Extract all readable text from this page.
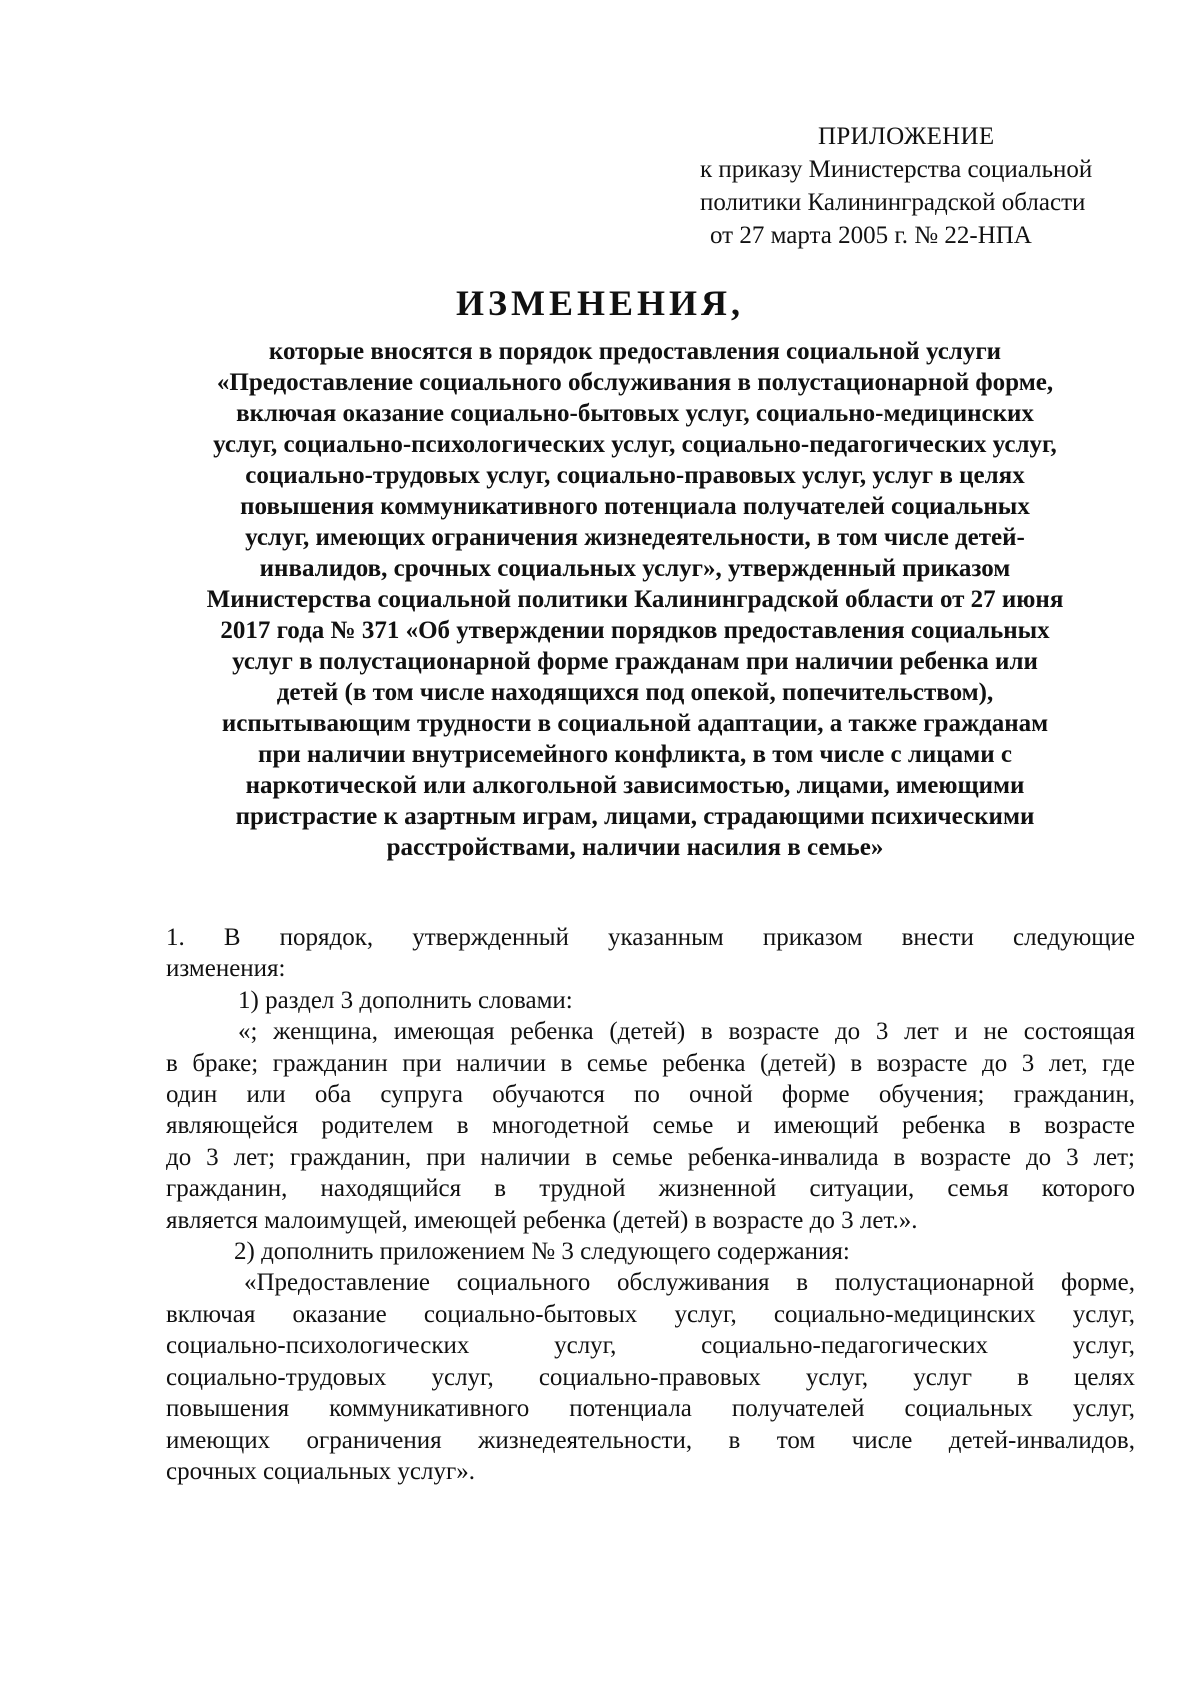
ПРИЛОЖЕНИЕ
к приказу Министерства социальной
политики Калининградской области
от 27 марта 2005 г. № 22-НПА
ИЗМЕНЕНИЯ,
которые вносятся в порядок предоставления социальной услуги
«Предоставление социального обслуживания в полустационарной форме,
включая оказание социально-бытовых услуг, социально-медицинских
услуг, социально-психологических услуг, социально-педагогических услуг,
социально-трудовых услуг, социально-правовых услуг, услуг в целях
повышения коммуникативного потенциала получателей социальных
услуг, имеющих ограничения жизнедеятельности, в том числе детей-
инвалидов, срочных социальных услуг», утвержденный приказом
Министерства социальной политики Калининградской области от 27 июня
2017 года № 371 «Об утверждении порядков предоставления социальных
услуг в полустационарной форме гражданам при наличии ребенка или
детей (в том числе находящихся под опекой, попечительством),
испытывающим трудности в социальной адаптации, а также гражданам
при наличии внутрисемейного конфликта, в том числе с лицами с
наркотической или алкогольной зависимостью, лицами, имеющими
пристрастие к азартным играм, лицами, страдающими психическими
расстройствами, наличии насилия в семье»
1. В порядок, утвержденный указанным приказом внести следующие
изменения:
1) раздел 3 дополнить словами:
«; женщина, имеющая ребенка (детей) в возрасте до 3 лет и не состоящая
в браке; гражданин при наличии в семье ребенка (детей) в возрасте до 3 лет, где
один или оба супруга обучаются по очной форме обучения; гражданин,
являющейся родителем в многодетной семье и имеющий ребенка в возрасте
до 3 лет; гражданин, при наличии в семье ребенка-инвалида в возрасте до 3 лет;
гражданин, находящийся в трудной жизненной ситуации, семья которого
является малоимущей, имеющей ребенка (детей) в возрасте до 3 лет.».
2) дополнить приложением № 3 следующего содержания:
«Предоставление социального обслуживания в полустационарной форме,
включая оказание социально-бытовых услуг, социально-медицинских услуг,
социально-психологических услуг, социально-педагогических услуг,
социально-трудовых услуг, социально-правовых услуг, услуг в целях
повышения коммуникативного потенциала получателей социальных услуг,
имеющих ограничения жизнедеятельности, в том числе детей-инвалидов,
срочных социальных услуг».
